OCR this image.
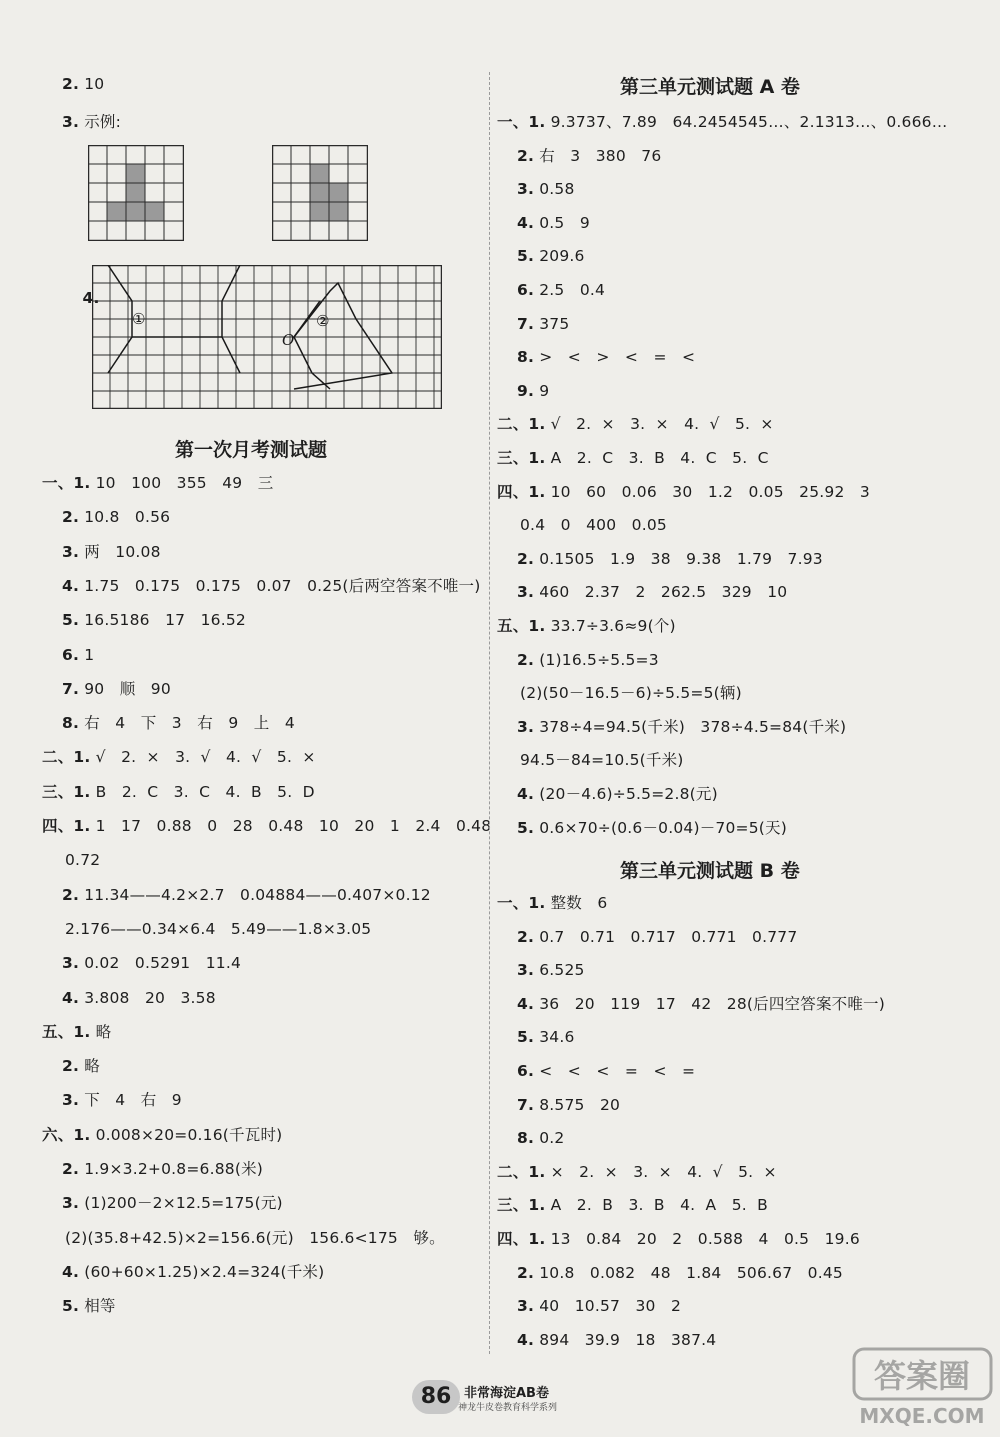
2. 10
3. 示例:

4.

①	②
O
第一次月考测试题
一、1. 10   100   355   49   三
2. 10.8   0.56
3. 两   10.08
4. 1.75   0.175   0.175   0.07   0.25(后两空答案不唯一)
5. 16.5186   17   16.52
6. 1
7. 90   顺   90
8. 右   4   下   3   右   9   上   4
二、1. √   2.  ×   3.  √   4.  √   5.  ×
三、1. B   2.  C   3.  C   4.  B   5.  D
四、1. 1   17   0.88   0   28   0.48   10   20   1   2.4   0.48
0.72
2. 11.34——4.2×2.7   0.04884——0.407×0.12
2.176——0.34×6.4   5.49——1.8×3.05
3. 0.02   0.5291   11.4
4. 3.808   20   3.58
五、1. 略
2. 略
3. 下   4   右   9
六、1. 0.008×20=0.16(千瓦时)
2. 1.9×3.2+0.8=6.88(米)
3. (1)200－2×12.5=175(元)
(2)(35.8+42.5)×2=156.6(元)   156.6<175   够。
4. (60+60×1.25)×2.4=324(千米)
5. 相等
第三单元测试题 A 卷
一、1. 9.3737、7.89   64.2454545…、2.1313…、0.666…
2. 右   3   380   76
3. 0.58
4. 0.5   9
5. 209.6
6. 2.5   0.4
7. 375
8. >   <   >   <   =   <
9. 9
二、1. √   2.  ×   3.  ×   4.  √   5.  ×
三、1. A   2.  C   3.  B   4.  C   5.  C
四、1. 10   60   0.06   30   1.2   0.05   25.92   3
0.4   0   400   0.05
2. 0.1505   1.9   38   9.38   1.79   7.93
3. 460   2.37   2   262.5   329   10
五、1. 33.7÷3.6≈9(个)
2. (1)16.5÷5.5=3
(2)(50－16.5－6)÷5.5=5(辆)
3. 378÷4=94.5(千米)   378÷4.5=84(千米)
94.5－84=10.5(千米)
4. (20－4.6)÷5.5=2.8(元)
5. 0.6×70÷(0.6－0.04)－70=5(天)
第三单元测试题 B 卷
一、1. 整数   6
2. 0.7   0.71   0.717   0.771   0.777
3. 6.525
4. 36   20   119   17   42   28(后四空答案不唯一)
5. 34.6
6. <   <   <   =   <   =
7. 8.575   20
8. 0.2
二、1. ×   2.  ×   3.  ×   4.  √   5.  ×
三、1. A   2.  B   3.  B   4.  A   5.  B
四、1. 13   0.84   20   2   0.588   4   0.5   19.6
2. 10.8   0.082   48   1.84   506.67   0.45
3. 40   10.57   30   2
4. 894   39.9   18   387.4
86 非常海淀AB卷
神龙牛皮卷教育科学系列
答案圈
MXQE.COM
